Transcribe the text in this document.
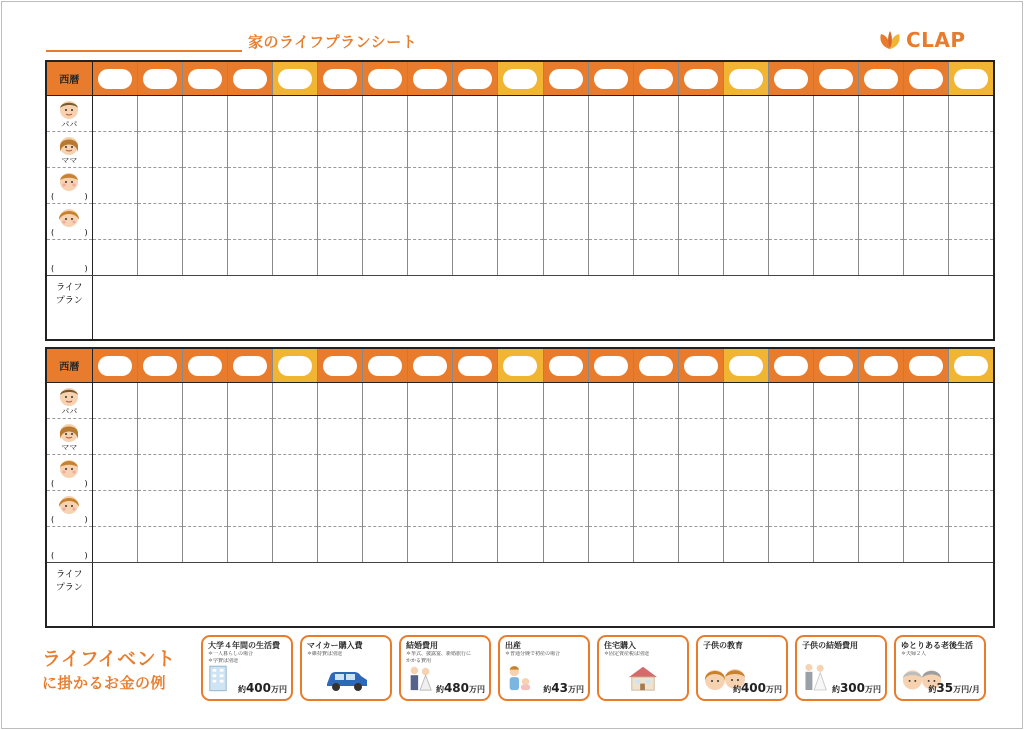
家のライフプランシート	CLAP
西暦																				

パパ																				

ママ																				

( )																				

( )																				

( )																				

ライフ
プラン																				

西暦																				

パパ																				

ママ																				

( )																				

( )																				

( )																				

ライフ
プラン																				

ライフイベント
に掛かるお金の例
大学４年間の生活費
＊一人暮らしの場合
＊学費は別途
約400万円
マイカー購入費
＊維持費は別途
結婚費用
＊挙式、披露宴、新婚旅行に
かかる費用
約480万円
出産
＊普通分娩で初産の場合
約43万円
住宅購入
＊固定資産税は別途
子供の教育
約400万円
子供の結婚費用
約300万円
ゆとりある老後生活
＊夫婦２人
約35万円/月
